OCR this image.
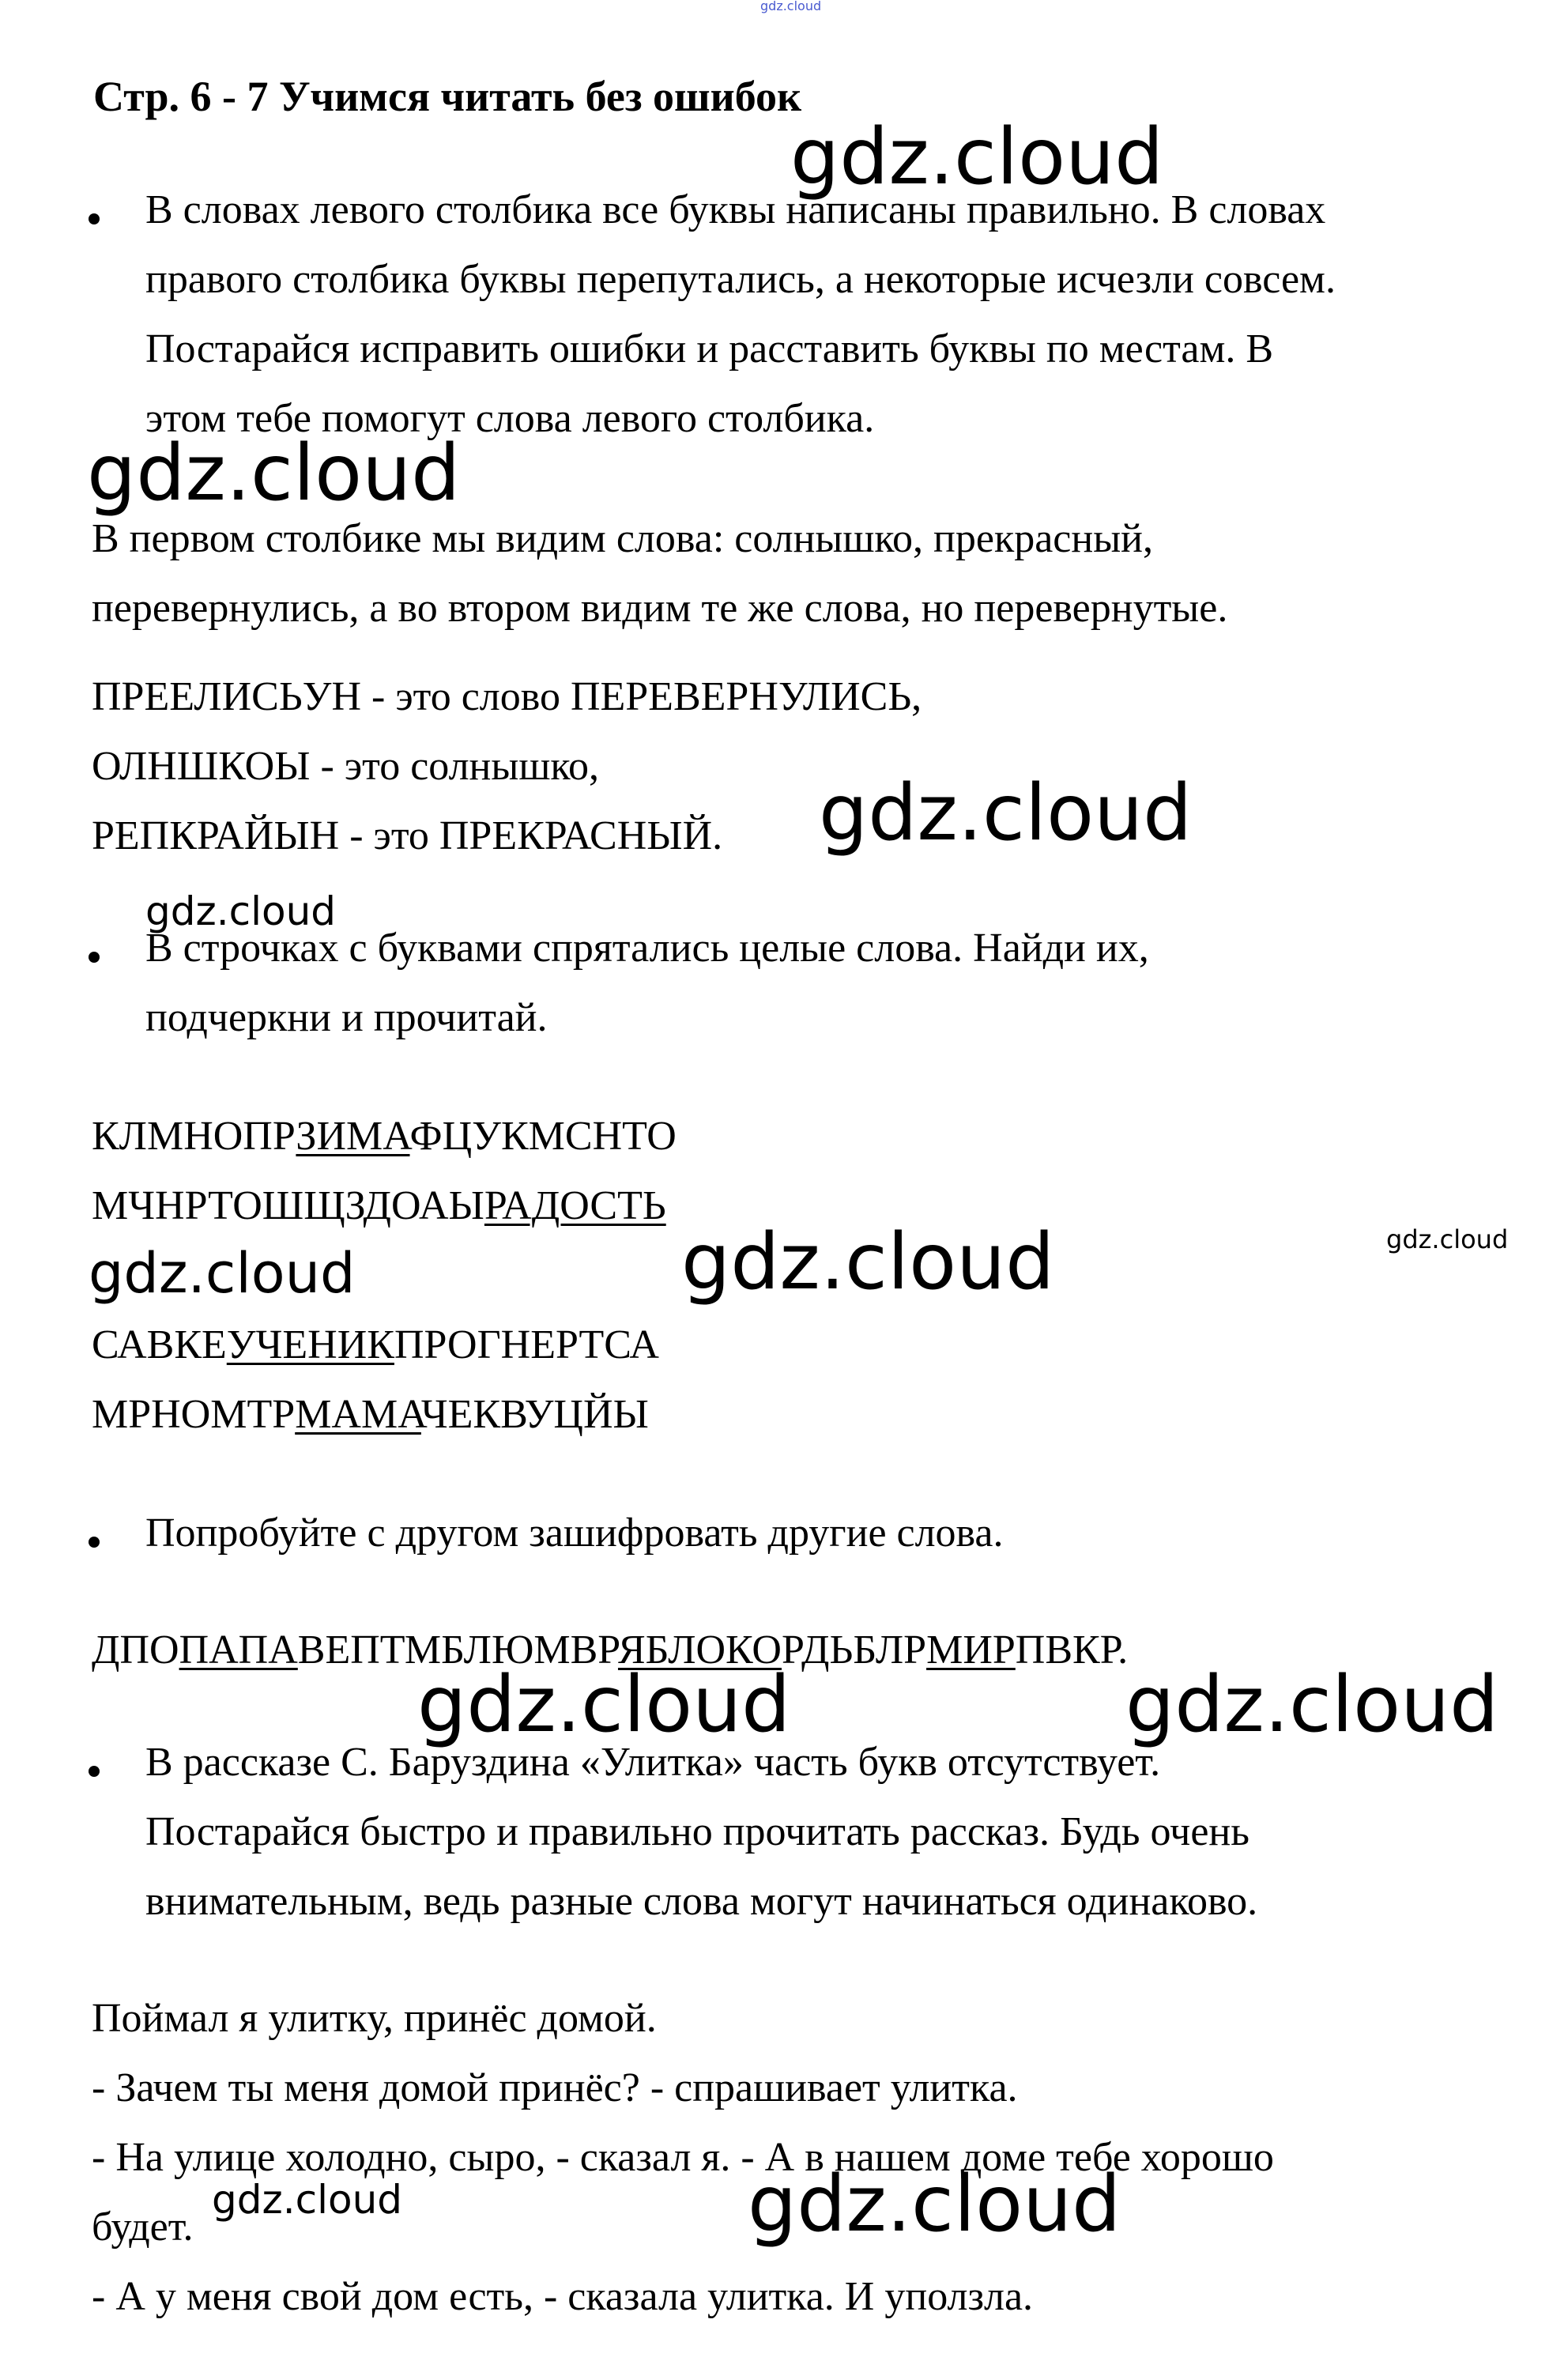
gdz.cloud

Стр. 6 - 7 Учимся читать без ошибок

gdz.cloud

В словах левого столбика все буквы написаны правильно. В словах

правого столбика буквы перепутались, а некоторые исчезли совсем.

Постарайся исправить ошибки и расставить буквы по местам. В

этом тебе помогут слова левого столбика.

gdz.cloud

В первом столбике мы видим слова: солнышко, прекрасный,

перевернулись, а во втором видим те же слова, но перевернутые.

ПРЕЕЛИСЬУН - это слово ПЕРЕВЕРНУЛИСЬ,

ОЛНШКОЫ - это солнышко,

РЕПКРАЙЫН - это ПРЕКРАСНЫЙ. gdz.cloud
gdz.cloud

В строчках с буквами спрятались целые слова. Найди их,

подчеркни и прочитай.

КЛМНОПРЗИМАФЦУКМСНТО

МЧНРТОШЩЗДОАЫРАДОСТЬ

gdz.cloud	gdz.cloud	gdz.cloud

САВКЕУЧЕНИКПРОГНЕРТСА

МРНОМТРМАМАЧЕКВУЦЙЫ

Попробуйте с другом зашифровать другие слова.

ДПОПАПАВЕПТМБЛЮМВРЯБЛОКОРДЬБЛРМИРПВКР.

gdz.cloud	gdz.cloud

В рассказе С. Баруздина «Улитка» часть букв отсутствует.

Постарайся быстро и правильно прочитать рассказ. Будь очень

внимательным, ведь разные слова могут начинаться одинаково.

Поймал я улитку, принёс домой.

- Зачем ты меня домой принёс? - спрашивает улитка.

- На улице холодно, сыро, - сказал я. - А в нашем доме тебе хорошо

будет.

- А у меня свой дом есть, - сказала улитка. И уползла.

gdz.cloud	gdz.cloud
